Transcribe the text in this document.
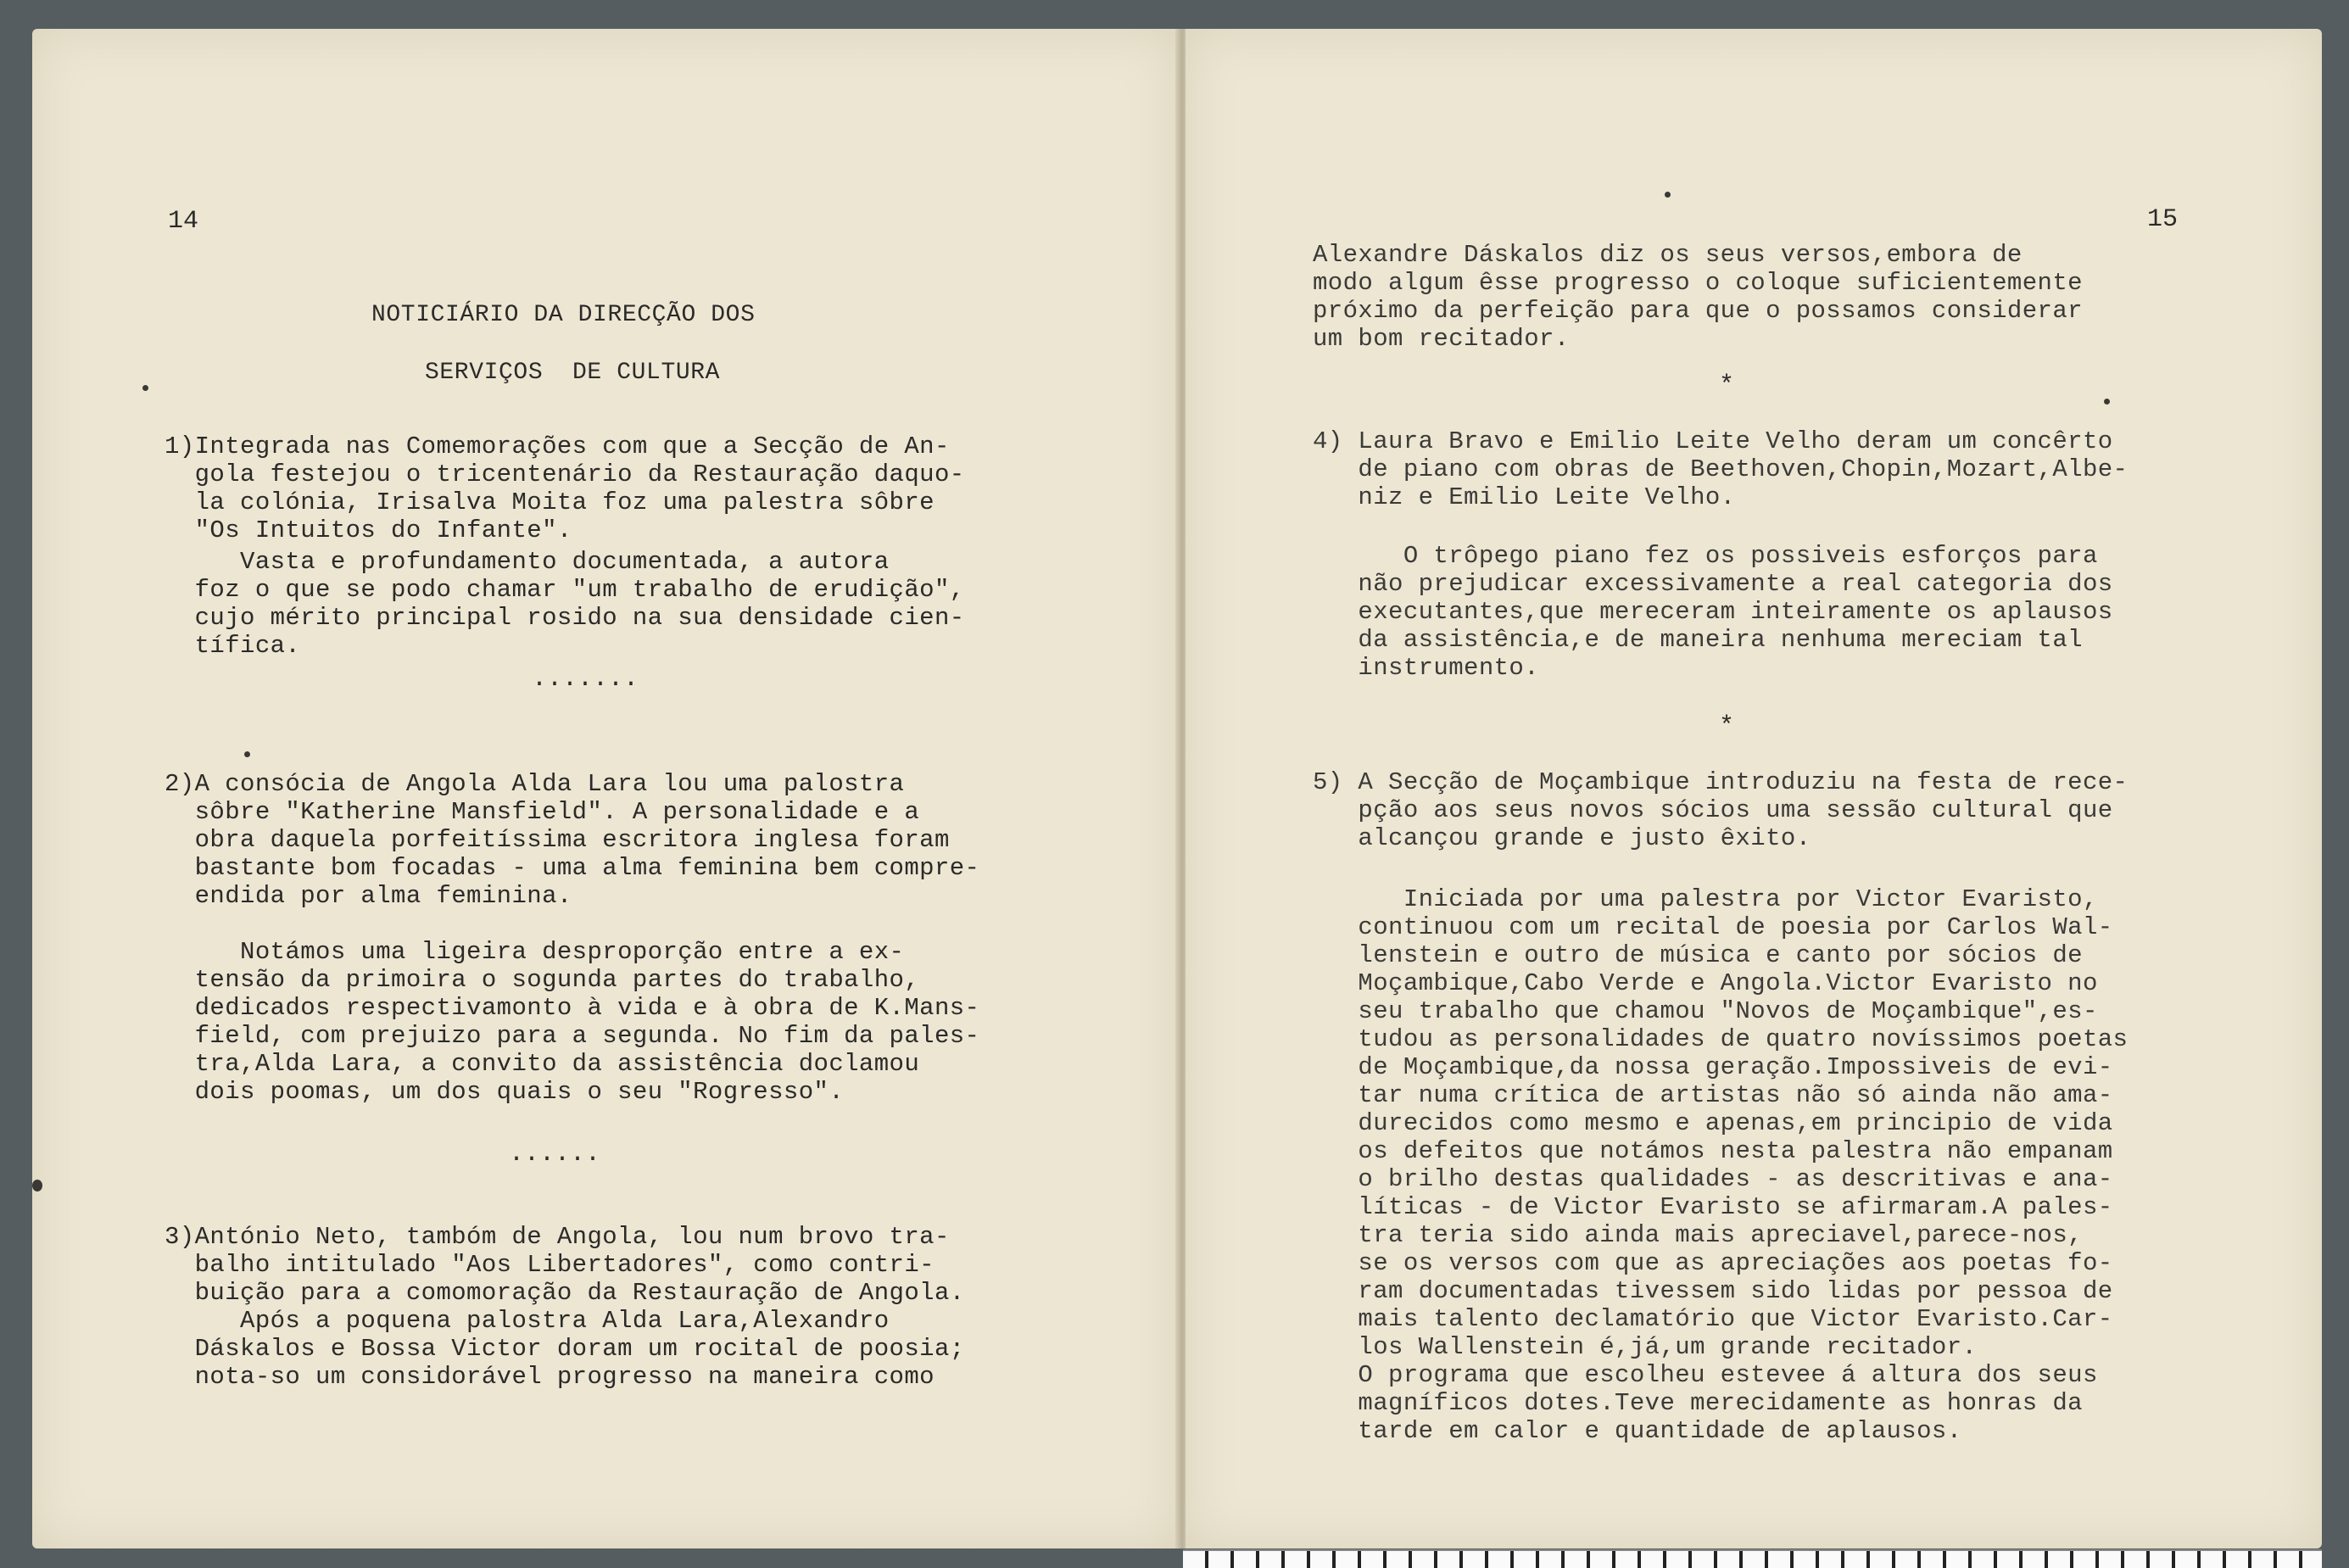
14
NOTICIÁRIO DA DIRECÇÃO DOS
SERVIÇOS  DE CULTURA
1)Integrada nas Comemorações com que a Secção de An-
gola festejou o tricentenário da Restauração daquo-
la colónia, Irisalva Moita foz uma palestra sôbre
"Os Intuitos do Infante".
Vasta e profundamento documentada, a autora
foz o que se podo chamar "um trabalho de erudição",
cujo mérito principal rosido na sua densidade cien-
tífica.
.......
2)A consócia de Angola Alda Lara lou uma palostra
sôbre "Katherine Mansfield". A personalidade e a
obra daquela porfeitíssima escritora inglesa foram
bastante bom focadas - uma alma feminina bem compre-
endida por alma feminina.
Notámos uma ligeira desproporção entre a ex-
tensão da primoira o sogunda partes do trabalho,
dedicados respectivamonto à vida e à obra de K.Mans-
field, com prejuizo para a segunda. No fim da pales-
tra,Alda Lara, a convito da assistência doclamou
dois poomas, um dos quais o seu "Rogresso".
......
3)António Neto, tambóm de Angola, lou num brovo tra-
balho intitulado "Aos Libertadores", como contri-
buição para a comomoração da Restauração de Angola.
Após a poquena palostra Alda Lara,Alexandro
Dáskalos e Bossa Victor doram um rocital de poosia;
nota-so um considorável progresso na maneira como
15
Alexandre Dáskalos diz os seus versos,embora de
modo algum êsse progresso o coloque suficientemente
próximo da perfeição para que o possamos considerar
um bom recitador.
*
4) Laura Bravo e Emilio Leite Velho deram um concêrto
de piano com obras de Beethoven,Chopin,Mozart,Albe-
niz e Emilio Leite Velho.
O trôpego piano fez os possiveis esforços para
não prejudicar excessivamente a real categoria dos
executantes,que mereceram inteiramente os aplausos
da assistência,e de maneira nenhuma mereciam tal
instrumento.
*
5) A Secção de Moçambique introduziu na festa de rece-
pção aos seus novos sócios uma sessão cultural que
alcançou grande e justo êxito.
Iniciada por uma palestra por Victor Evaristo,
continuou com um recital de poesia por Carlos Wal-
lenstein e outro de música e canto por sócios de
Moçambique,Cabo Verde e Angola.Victor Evaristo no
seu trabalho que chamou "Novos de Moçambique",es-
tudou as personalidades de quatro novíssimos poetas
de Moçambique,da nossa geração.Impossiveis de evi-
tar numa crítica de artistas não só ainda não ama-
durecidos como mesmo e apenas,em principio de vida
os defeitos que notámos nesta palestra não empanam
o brilho destas qualidades - as descritivas e ana-
líticas - de Victor Evaristo se afirmaram.A pales-
tra teria sido ainda mais apreciavel,parece-nos,
se os versos com que as apreciações aos poetas fo-
ram documentadas tivessem sido lidas por pessoa de
mais talento declamatório que Victor Evaristo.Car-
los Wallenstein é,já,um grande recitador.
O programa que escolheu estevee á altura dos seus
magníficos dotes.Teve merecidamente as honras da
tarde em calor e quantidade de aplausos.
